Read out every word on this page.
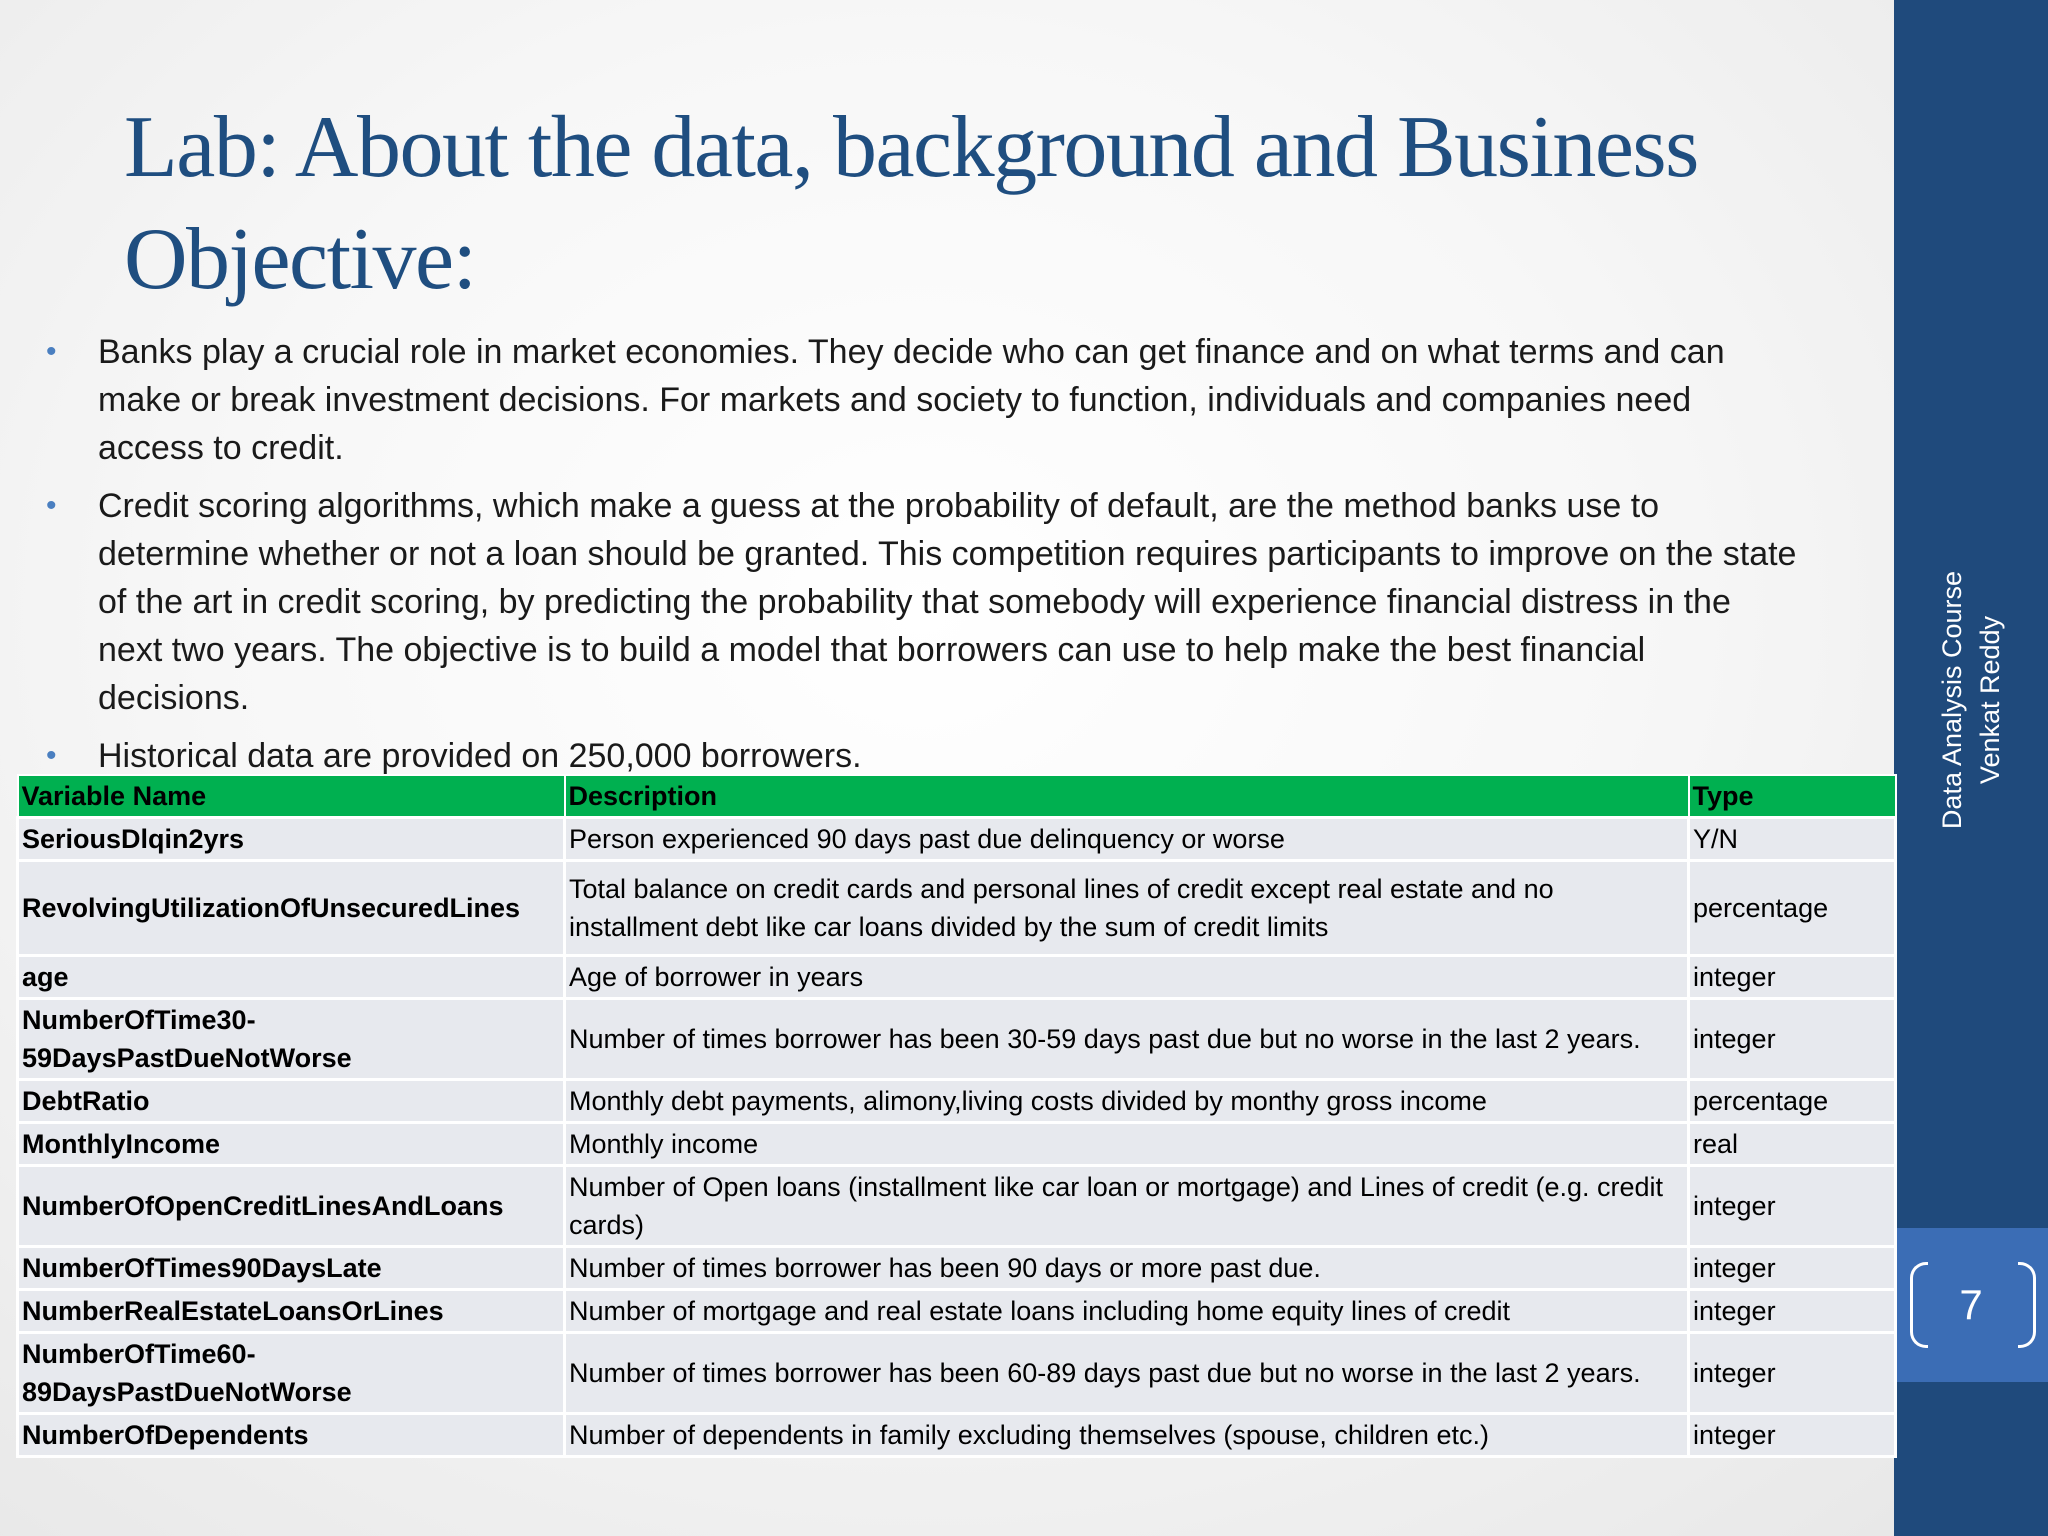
Data Analysis Course Venkat Reddy
7
Lab: About the data, background and Business Objective:
• Banks play a crucial role in market economies. They decide who can get finance and on what terms and can make or break investment decisions. For markets and society to function, individuals and companies need access to credit.
• Credit scoring algorithms, which make a guess at the probability of default, are the method banks use to determine whether or not a loan should be granted. This competition requires participants to improve on the state of the art in credit scoring, by predicting the probability that somebody will experience financial distress in the next two years. The objective is to build a model that borrowers can use to help make the best financial decisions.
• Historical data are provided on 250,000 borrowers.
Variable Name	Description	Type
SeriousDlqin2yrs	Person experienced 90 days past due delinquency or worse	Y/N
RevolvingUtilizationOfUnsecuredLines	Total balance on credit cards and personal lines of credit except real estate and no installment debt like car loans divided by the sum of credit limits	percentage
age	Age of borrower in years	integer
NumberOfTime30-59DaysPastDueNotWorse	Number of times borrower has been 30-59 days past due but no worse in the last 2 years.	integer
DebtRatio	Monthly debt payments, alimony,living costs divided by monthy gross income	percentage
MonthlyIncome	Monthly income	real
NumberOfOpenCreditLinesAndLoans	Number of Open loans (installment like car loan or mortgage) and Lines of credit (e.g. credit cards)	integer
NumberOfTimes90DaysLate	Number of times borrower has been 90 days or more past due.	integer
NumberRealEstateLoansOrLines	Number of mortgage and real estate loans including home equity lines of credit	integer
NumberOfTime60-89DaysPastDueNotWorse	Number of times borrower has been 60-89 days past due but no worse in the last 2 years.	integer
NumberOfDependents	Number of dependents in family excluding themselves (spouse, children etc.)	integer
